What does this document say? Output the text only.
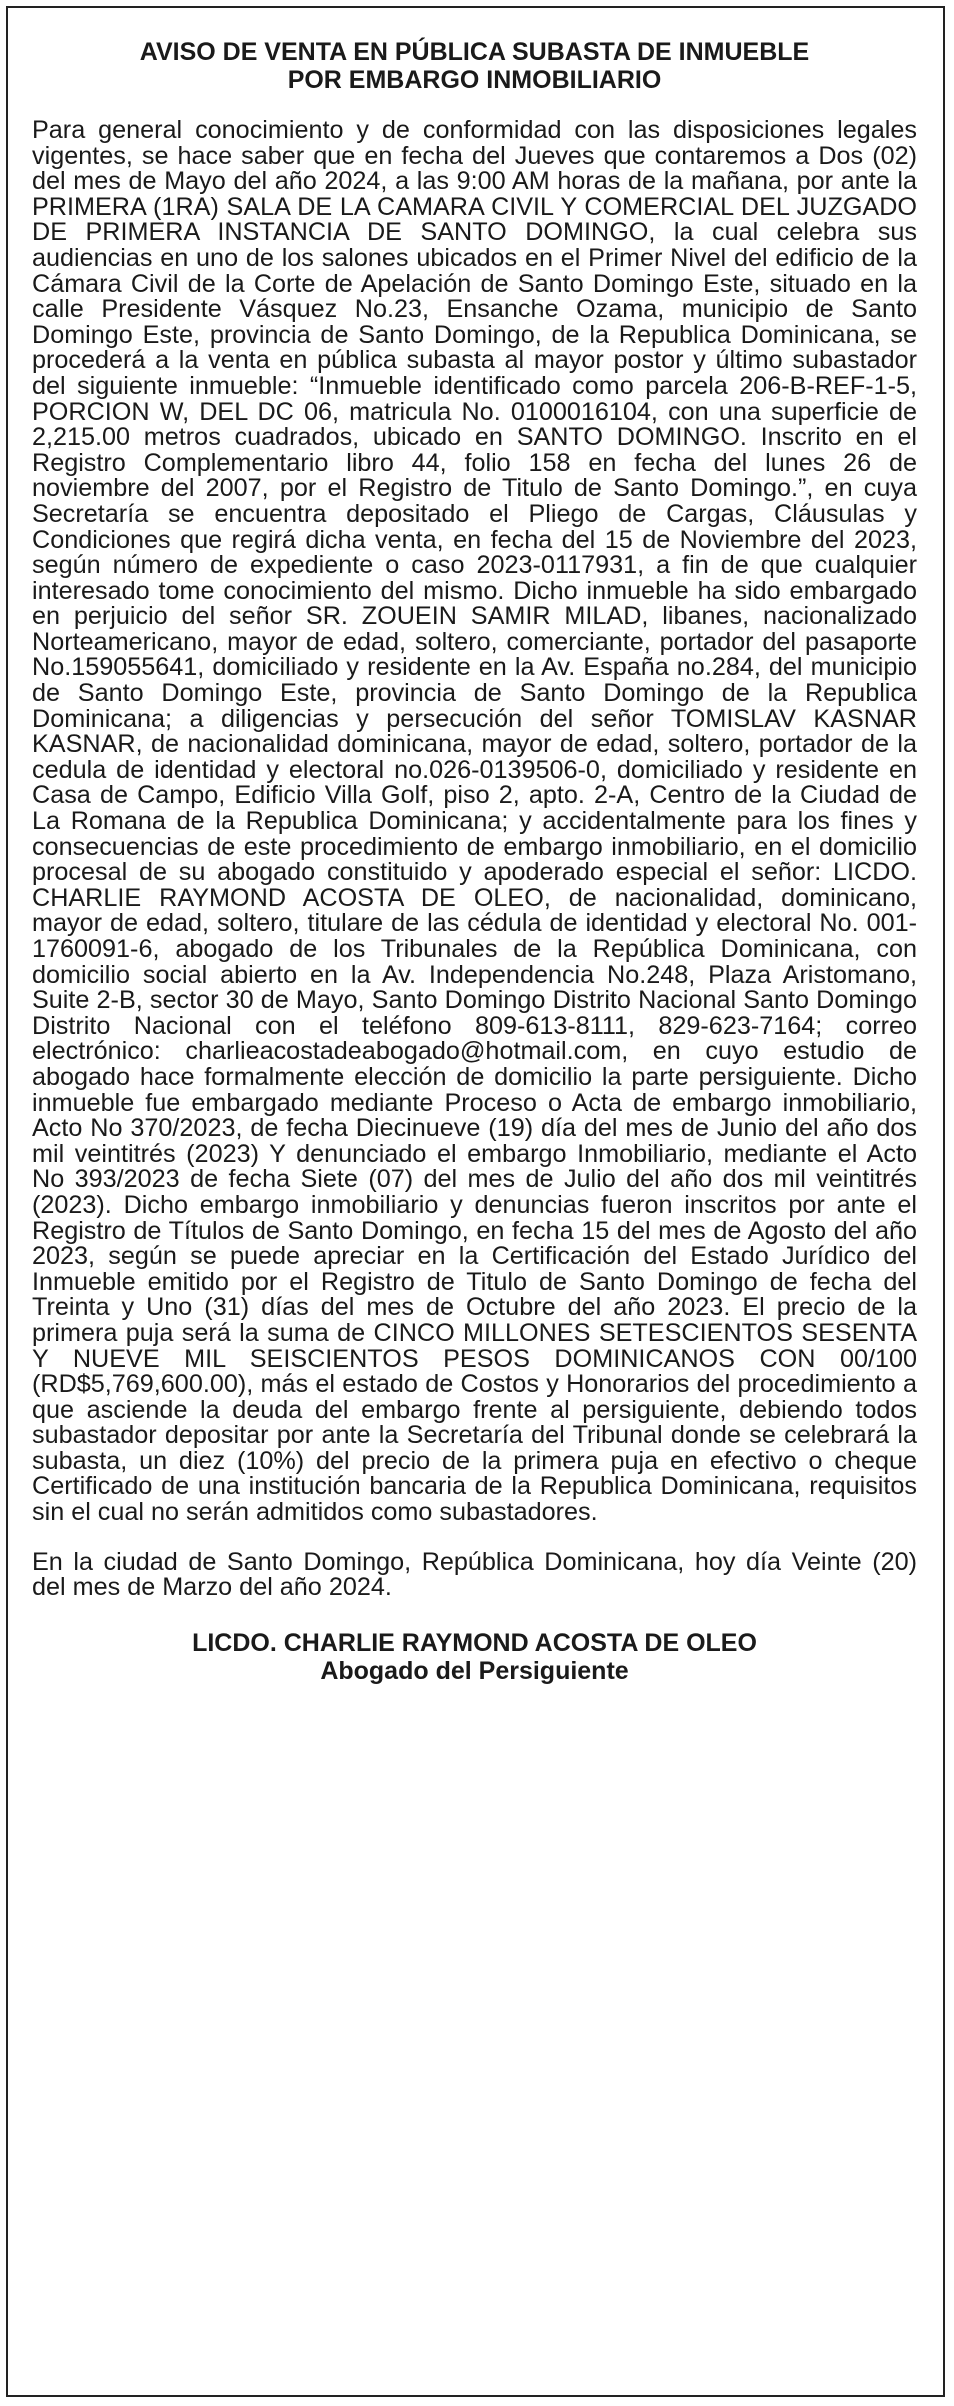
AVISO DE VENTA EN PÚBLICA SUBASTA DE INMUEBLE
POR EMBARGO INMOBILIARIO

Para general conocimiento y de conformidad con las disposiciones legales vigentes, se hace saber que en fecha del Jueves que contaremos a Dos (02) del mes de Mayo del año 2024, a las 9:00 AM horas de la mañana, por ante la PRIMERA (1RA) SALA DE LA CAMARA CIVIL Y COMERCIAL DEL JUZGADO DE PRIMERA INSTANCIA DE SANTO DOMINGO, la cual celebra sus audiencias en uno de los salones ubicados en el Primer Nivel del edificio de la Cámara Civil de la Corte de Apelación de Santo Domingo Este, situado en la calle Presidente Vásquez No.23, Ensanche Ozama, municipio de Santo Domingo Este, provincia de Santo Domingo, de la Republica Dominicana, se procederá a la venta en pública subasta al mayor postor y último subastador del siguiente inmueble: “Inmueble identificado como parcela 206-B-REF-1-5, PORCION W, DEL DC 06, matricula No. 0100016104, con una superficie de 2,215.00 metros cuadrados, ubicado en SANTO DOMINGO. Inscrito en el Registro Complementario libro 44, folio 158 en fecha del lunes 26 de noviembre del 2007, por el Registro de Titulo de Santo Domingo.”, en cuya Secretaría se encuentra depositado el Pliego de Cargas, Cláusulas y Condiciones que regirá dicha venta, en fecha del 15 de Noviembre del 2023, según número de expediente o caso 2023-0117931, a fin de que cualquier interesado tome conocimiento del mismo. Dicho inmueble ha sido embargado en perjuicio del señor SR. ZOUEIN SAMIR MILAD, libanes, nacionalizado Norteamericano, mayor de edad, soltero, comerciante, portador del pasaporte No.159055641, domiciliado y residente en la Av. España no.284, del municipio de Santo Domingo Este, provincia de Santo Domingo de la Republica Dominicana; a diligencias y persecución del señor TOMISLAV KASNAR KASNAR, de nacionalidad dominicana, mayor de edad, soltero, portador de la cedula de identidad y electoral no.026-0139506-0, domiciliado y residente en Casa de Campo, Edificio Villa Golf, piso 2, apto. 2-A, Centro de la Ciudad de La Romana de la Republica Dominicana; y accidentalmente para los fines y consecuencias de este procedimiento de embargo inmobiliario, en el domicilio procesal de su abogado constituido y apoderado especial el señor: LICDO. CHARLIE RAYMOND ACOSTA DE OLEO, de nacionalidad, dominicano, mayor de edad, soltero, titulare de las cédula de identidad y electoral No. 001-1760091-6, abogado de los Tribunales de la República Dominicana, con domicilio social abierto en la Av. Independencia No.248, Plaza Aristomano, Suite 2-B, sector 30 de Mayo, Santo Domingo Distrito Nacional Santo Domingo Distrito Nacional con el teléfono 809-613-8111, 829-623-7164; correo electrónico: charlieacostadeabogado@hotmail.com, en cuyo estudio de abogado hace formalmente elección de domicilio la parte persiguiente. Dicho inmueble fue embargado mediante Proceso o Acta de embargo inmobiliario, Acto No 370/2023, de fecha Diecinueve (19) día del mes de Junio del año dos mil veintitrés (2023) Y denunciado el embargo Inmobiliario, mediante el Acto No 393/2023 de fecha Siete (07) del mes de Julio del año dos mil veintitrés (2023). Dicho embargo inmobiliario y denuncias fueron inscritos por ante el Registro de Títulos de Santo Domingo, en fecha 15 del mes de Agosto del año 2023, según se puede apreciar en la Certificación del Estado Jurídico del Inmueble emitido por el Registro de Titulo de Santo Domingo de fecha del Treinta y Uno (31) días del mes de Octubre del año 2023. El precio de la primera puja será la suma de CINCO MILLONES SETESCIENTOS SESENTA Y NUEVE MIL SEISCIENTOS PESOS DOMINICANOS CON 00/100 (RD$5,769,600.00), más el estado de Costos y Honorarios del procedimiento a que asciende la deuda del embargo frente al persiguiente, debiendo todos subastador depositar por ante la Secretaría del Tribunal donde se celebrará la subasta, un diez (10%) del precio de la primera puja en efectivo o cheque Certificado de una institución bancaria de la Republica Dominicana, requisitos sin el cual no serán admitidos como subastadores.

En la ciudad de Santo Domingo, República Dominicana, hoy día Veinte (20) del mes de Marzo del año 2024.

LICDO. CHARLIE RAYMOND ACOSTA DE OLEO
Abogado del Persiguiente
